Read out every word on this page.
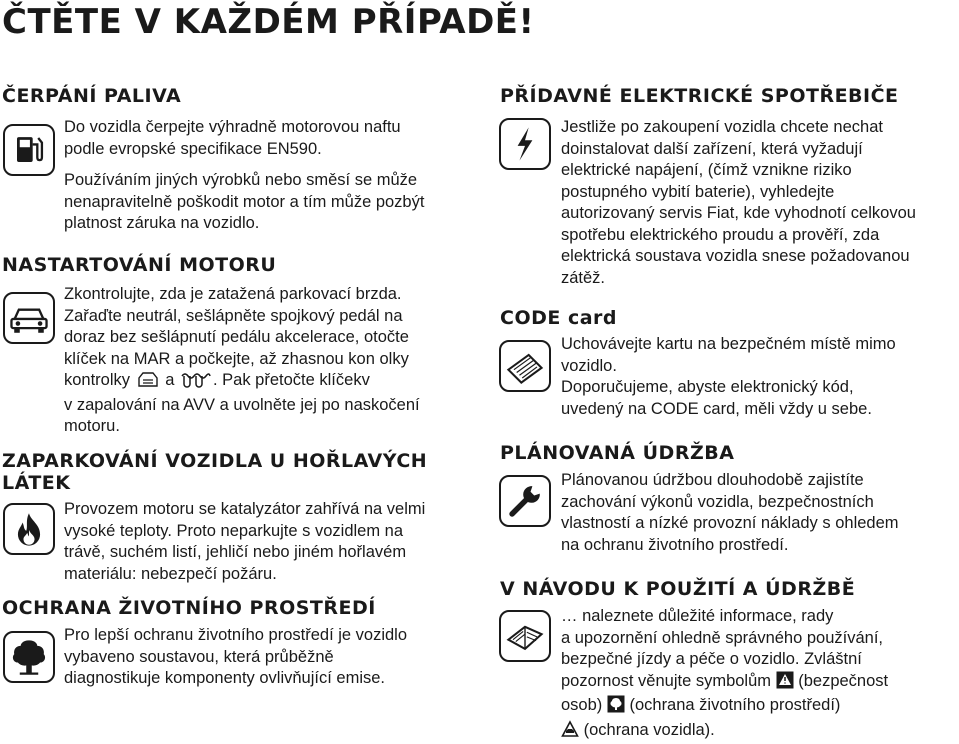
ČTĚTE V KAŽDÉM PŘÍPADĚ!
ČERPÁNÍ PALIVA
Do vozidla čerpejte výhradně motorovou naftu
podle evropské specifikace EN590.
Používáním jiných výrobků nebo směsí se může
nenapravitelně poškodit motor a tím může pozbýt
platnost záruka na vozidlo.
NASTARTOVÁNÍ MOTORU
Zkontrolujte, zda je zatažená parkovací brzda.
Zařaďte neutrál, sešlápněte spojkový pedál na
doraz bez sešlápnutí pedálu akcelerace, otočte
klíček na MAR a počkejte, až zhasnou kon olky
kontrolky a . Pak přetočte klíčekv
v zapalování na AVV a uvolněte jej po naskočení
motoru.
ZAPARKOVÁNÍ VOZIDLA U HOŘLAVÝCH
LÁTEK
Provozem motoru se katalyzátor zahřívá na velmi
vysoké teploty. Proto neparkujte s vozidlem na
trávě, suchém listí, jehličí nebo jiném hořlavém
materiálu: nebezpečí požáru.
OCHRANA ŽIVOTNÍHO PROSTŘEDÍ
Pro lepší ochranu životního prostředí je vozidlo
vybaveno soustavou, která průběžně
diagnostikuje komponenty ovlivňující emise.
PŘÍDAVNÉ ELEKTRICKÉ SPOTŘEBIČE
Jestliže po zakoupení vozidla chcete nechat
doinstalovat další zařízení, která vyžadují
elektrické napájení, (čímž vznikne riziko
postupného vybití baterie), vyhledejte
autorizovaný servis Fiat, kde vyhodnotí celkovou
spotřebu elektrického proudu a prověří, zda
elektrická soustava vozidla snese požadovanou
zátěž.
CODE card
Uchovávejte kartu na bezpečném místě mimo
vozidlo.
Doporučujeme, abyste elektronický kód,
uvedený na CODE card, měli vždy u sebe.
PLÁNOVANÁ ÚDRŽBA
Plánovanou údržbou dlouhodobě zajistíte
zachování výkonů vozidla, bezpečnostních
vlastností a nízké provozní náklady s ohledem
na ochranu životního prostředí.
V NÁVODU K POUŽITÍ A ÚDRŽBĚ
… naleznete důležité informace, rady
a upozornění ohledně správného používání,
bezpečné jízdy a péče o vozidlo. Zvláštní
pozornost věnujte symbolům (bezpečnost
osob) (ochrana životního prostředí)
(ochrana vozidla).
